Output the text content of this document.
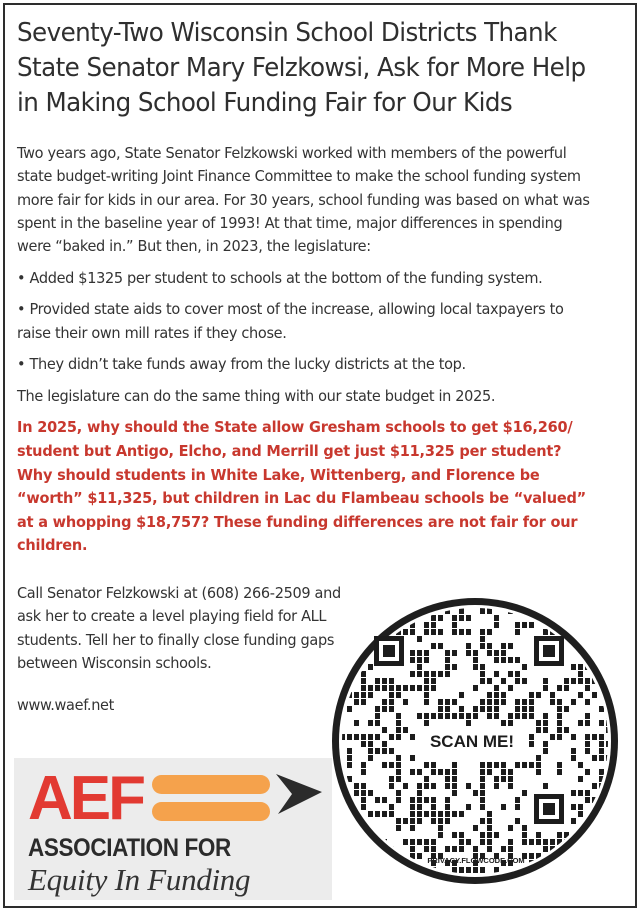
Seventy-Two Wisconsin School Districts Thank
State Senator Mary Felzkowsi, Ask for More Help
in Making School Funding Fair for Our Kids

Two years ago, State Senator Felzkowski worked with members of the powerful state budget-writing Joint Finance Committee to make the school funding system more fair for kids in our area. For 30 years, school funding was based on what was spent in the baseline year of 1993! At that time, major differences in spending were “baked in.” But then, in 2023, the legislature:

• Added $1325 per student to schools at the bottom of the funding system.

• Provided state aids to cover most of the increase, allowing local taxpayers to raise their own mill rates if they chose.

• They didn’t take funds away from the lucky districts at the top.

The legislature can do the same thing with our state budget in 2025.

In 2025, why should the State allow Gresham schools to get $16,260/ student but Antigo, Elcho, and Merrill get just $11,325 per student? Why should students in White Lake, Wittenberg, and Florence be “worth” $11,325, but children in Lac du Flambeau schools be “valued” at a whopping $18,757? These funding differences are not fair for our children.

Call Senator Felzkowski at (608) 266-2509 and ask her to create a level playing field for ALL students. Tell her to finally close funding gaps between Wisconsin schools.
www.waef.net
AEF
ASSOCIATION FOR
Equity In Funding
SCAN ME!
PRIVACY.FLOWCODE.COM
